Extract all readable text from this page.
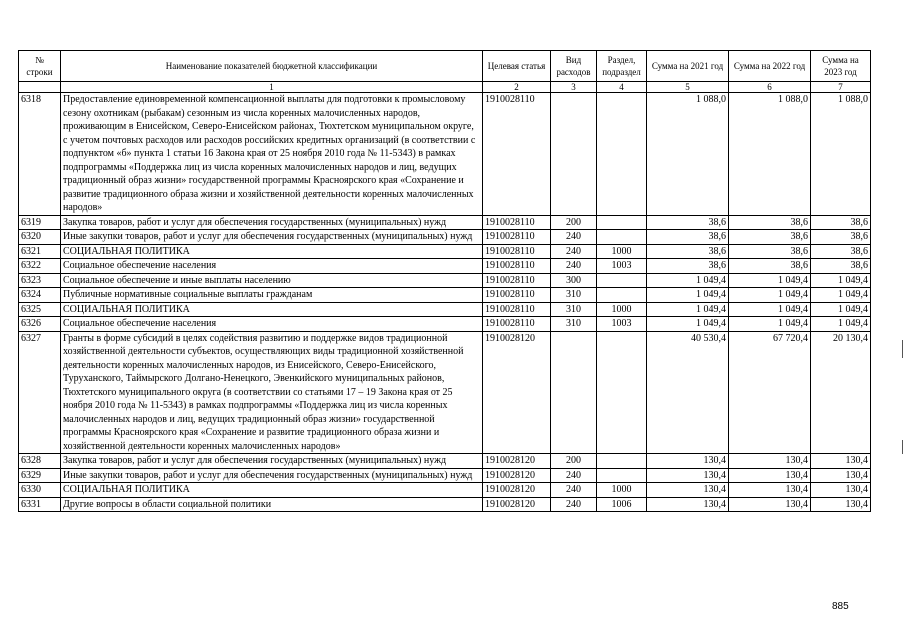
№ строки	Наименование показателей бюджетной классификации	Целевая статья	Вид расходов	Раздел, подраздел	Сумма на 2021 год	Сумма на 2022 год	Сумма на 2023 год
	1	2	3	4	5	6	7
6318	Предоставление единовременной компенсационной выплаты для подготовки к промысловому сезону охотникам (рыбакам) сезонным из числа коренных малочисленных народов, проживающим в Енисейском, Северо-Енисейском районах, Тюхтетском муниципальном округе, с учетом почтовых расходов или расходов российских кредитных организаций (в соответствии с подпунктом «б» пункта 1 статьи 16 Закона края от 25 ноября 2010 года № 11-5343) в рамках подпрограммы «Поддержка лиц из числа коренных малочисленных народов и лиц, ведущих традиционный образ жизни» государственной программы Красноярского края «Сохранение и развитие традиционного образа жизни и хозяйственной деятельности коренных малочисленных народов»	1910028110			1 088,0	1 088,0	1 088,0
6319	Закупка товаров, работ и услуг для обеспечения государственных (муниципальных) нужд	1910028110	200		38,6	38,6	38,6
6320	Иные закупки товаров, работ и услуг для обеспечения государственных (муниципальных) нужд	1910028110	240		38,6	38,6	38,6
6321	СОЦИАЛЬНАЯ ПОЛИТИКА	1910028110	240	1000	38,6	38,6	38,6
6322	Социальное обеспечение населения	1910028110	240	1003	38,6	38,6	38,6
6323	Социальное обеспечение и иные выплаты населению	1910028110	300		1 049,4	1 049,4	1 049,4
6324	Публичные нормативные социальные выплаты гражданам	1910028110	310		1 049,4	1 049,4	1 049,4
6325	СОЦИАЛЬНАЯ ПОЛИТИКА	1910028110	310	1000	1 049,4	1 049,4	1 049,4
6326	Социальное обеспечение населения	1910028110	310	1003	1 049,4	1 049,4	1 049,4
6327	Гранты в форме субсидий в целях содействия развитию и поддержке видов традиционной хозяйственной деятельности субъектов, осуществляющих виды традиционной хозяйственной деятельности коренных малочисленных народов, из Енисейского, Северо-Енисейского, Туруханского, Таймырского Долгано-Ненецкого, Эвенкийского муниципальных районов, Тюхтетского муниципального округа (в соответствии со статьями 17 – 19 Закона края от 25 ноября 2010 года № 11-5343) в рамках подпрограммы «Поддержка лиц из числа коренных малочисленных народов и лиц, ведущих традиционный образ жизни» государственной программы Красноярского края «Сохранение и развитие традиционного образа жизни и хозяйственной деятельности коренных малочисленных народов»	1910028120			40 530,4	67 720,4	20 130,4
6328	Закупка товаров, работ и услуг для обеспечения государственных (муниципальных) нужд	1910028120	200		130,4	130,4	130,4
6329	Иные закупки товаров, работ и услуг для обеспечения государственных (муниципальных) нужд	1910028120	240		130,4	130,4	130,4
6330	СОЦИАЛЬНАЯ ПОЛИТИКА	1910028120	240	1000	130,4	130,4	130,4
6331	Другие вопросы в области социальной политики	1910028120	240	1006	130,4	130,4	130,4
885
